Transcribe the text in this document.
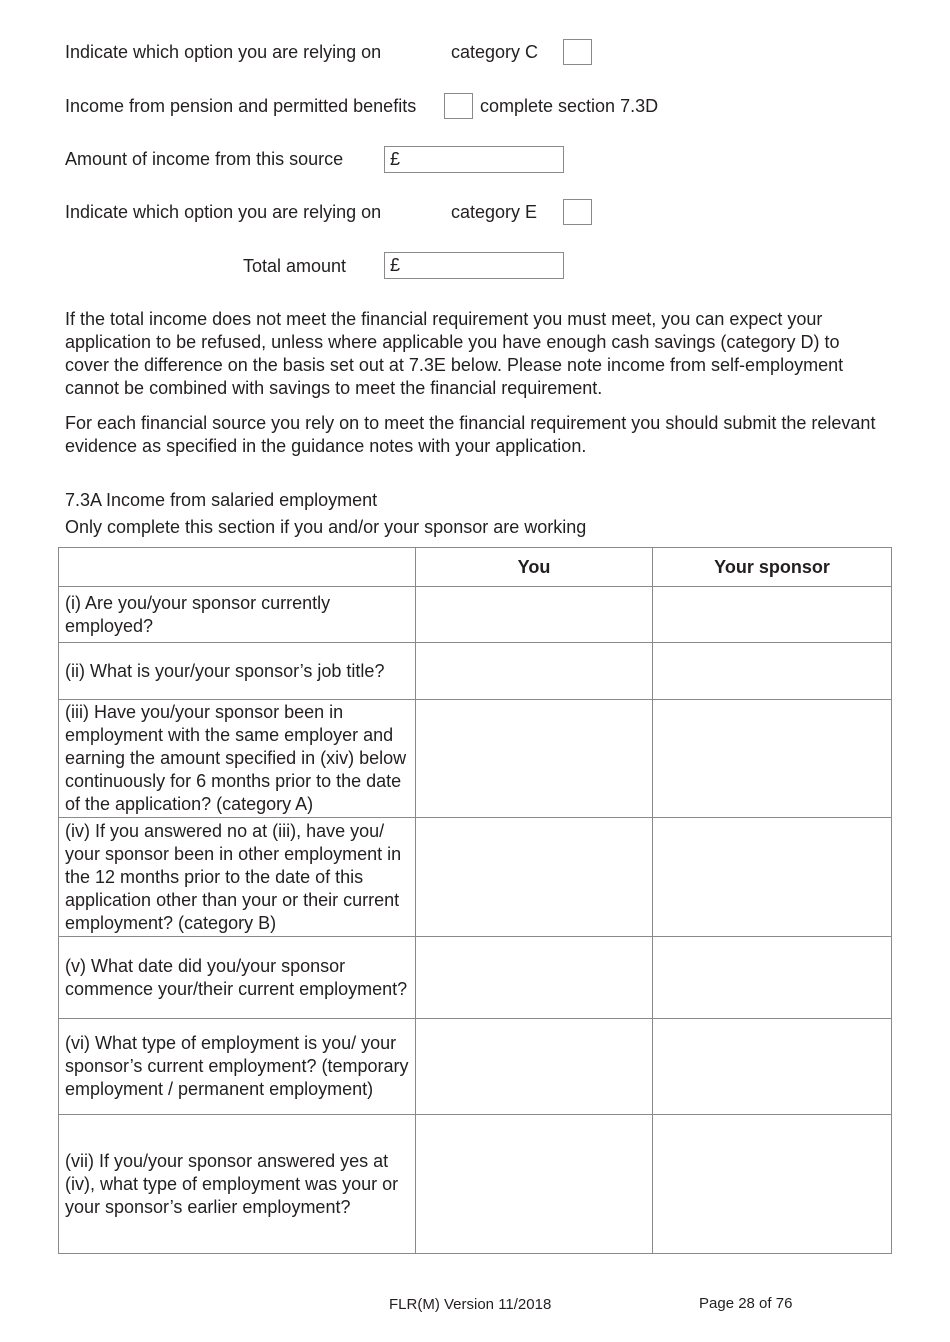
Indicate which option you are relying on	category C
Income from pension and permitted benefits	complete section 7.3D
Amount of income from this source	£
Indicate which option you are relying on	category E
Total amount	£
If the total income does not meet the financial requirement you must meet, you can expect your application to be refused, unless where applicable you have enough cash savings (category D) to cover the difference on the basis set out at 7.3E below. Please note income from self-employment cannot be combined with savings to meet the financial requirement.
For each financial source you rely on to meet the financial requirement you should submit the relevant evidence as specified in the guidance notes with your application.
7.3A Income from salaried employment
Only complete this section if you and/or your sponsor are working
	You	Your sponsor
(i) Are you/your sponsor currently employed?		
(ii) What is your/your sponsor’s job title?		
(iii) Have you/your sponsor been in employment with the same employer and earning the amount specified in (xiv) below continuously for 6 months prior to the date of the application? (category A)		
(iv) If you answered no at (iii), have you/ your sponsor been in other employment in the 12 months prior to the date of this application other than your or their current employment? (category B)		
(v) What date did you/your sponsor commence your/their current employment?		
(vi) What type of employment is you/ your sponsor’s current employment? (temporary employment / permanent employment)		
(vii) If you/your sponsor answered yes at (iv), what type of employment was your or your sponsor’s earlier employment?		
FLR(M) Version 11/2018	Page 28 of 76
